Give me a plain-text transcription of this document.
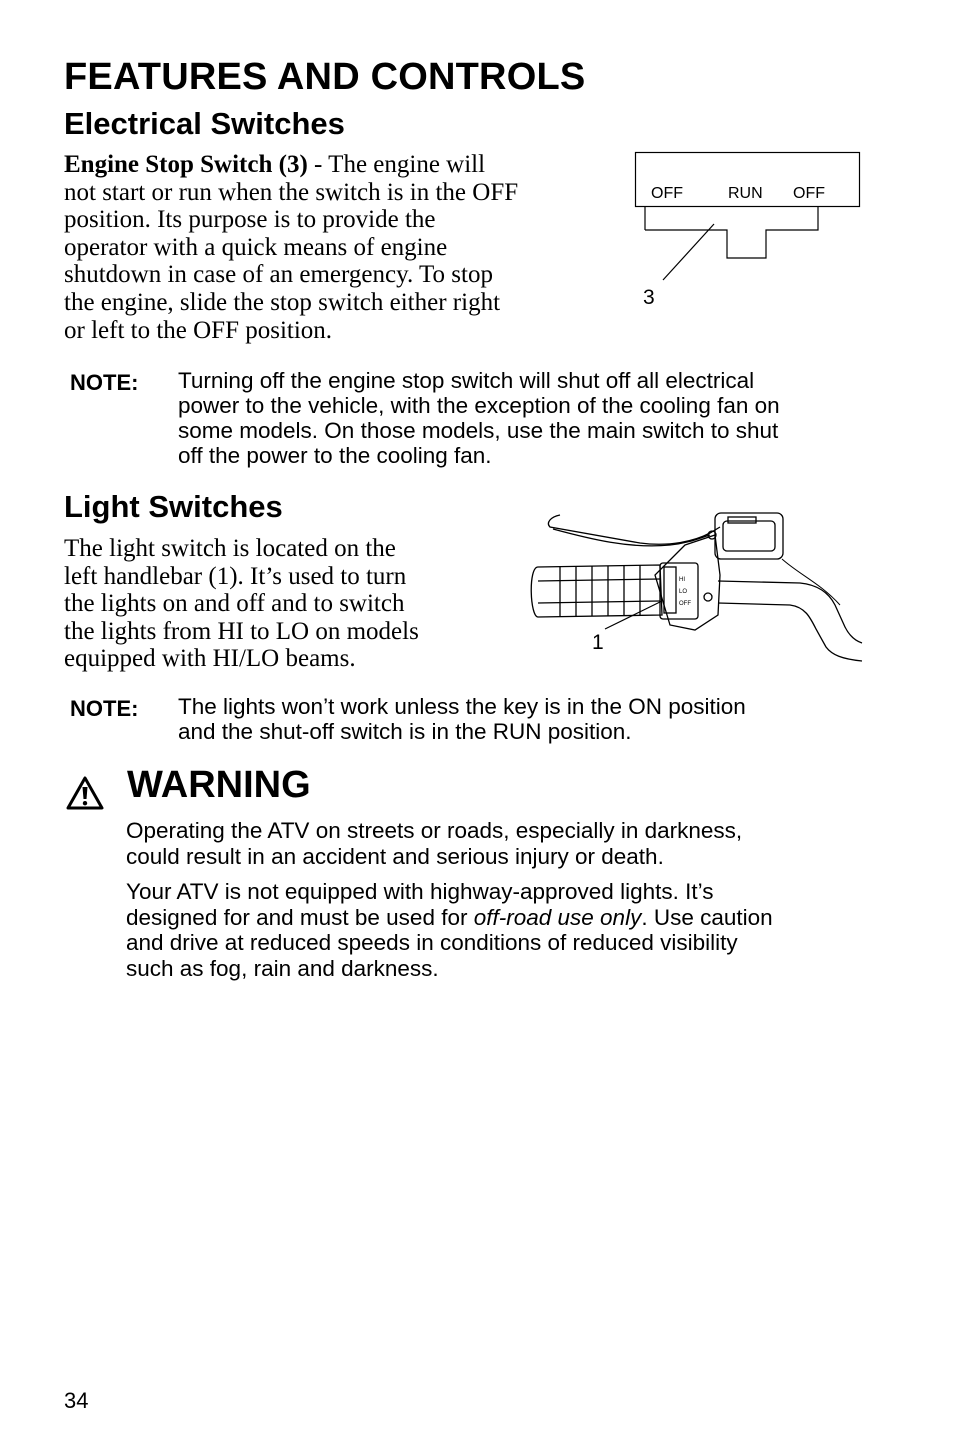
FEATURES AND CONTROLS
Electrical Switches
Engine Stop Switch (3) - The engine will
not start or run when the switch is in the OFF
position. Its purpose is to provide the
operator with a quick means of engine
shutdown in case of an emergency. To stop
the engine, slide the stop switch either right
or left to the OFF position.
OFF	RUN OFF
3
NOTE: Turning off the engine stop switch will shut off all electrical
power to the vehicle, with the exception of the cooling fan on
some models. On those models, use the main switch to shut
off the power to the cooling fan.
Light Switches
The light switch is located on the
left handlebar (1). It’s used to turn
the lights on and off and to switch
the lights from HI to LO on models
equipped with HI/LO beams.
HI
LO
OFF
1
NOTE: The lights won’t work unless the key is in the ON position
and the shut-off switch is in the RUN position.
WARNING
Operating the ATV on streets or roads, especially in darkness,
could result in an accident and serious injury or death.
Your ATV is not equipped with highway-approved lights. It’s
designed for and must be used for off-road use only. Use caution
and drive at reduced speeds in conditions of reduced visibility
such as fog, rain and darkness.
34
